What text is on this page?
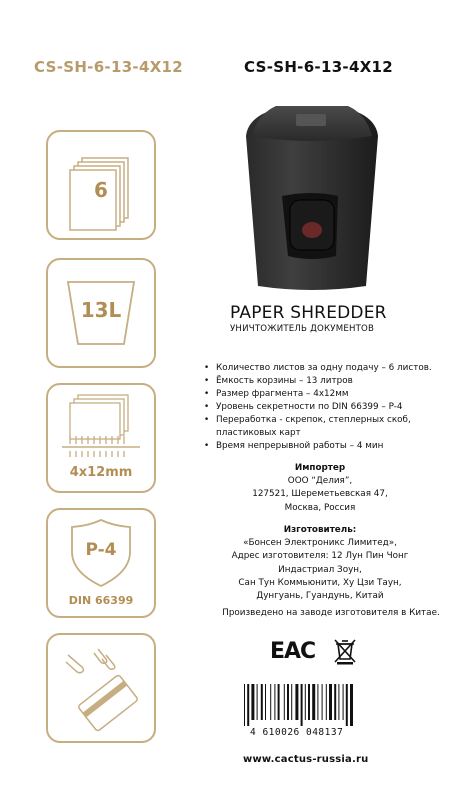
CS-SH-6-13-4X12	CS-SH-6-13-4X12
6
13L
4x12mm
P-4
DIN 66399
PAPER SHREDDER
УНИЧТОЖИТЕЛЬ ДОКУМЕНТОВ
• Количество листов за одну подачу – 6 листов.
• Ёмкость корзины – 13 литров
• Размер фрагмента – 4x12мм
• Уровень секретности по DIN 66399 – P-4
• Переработка - скрепок, степлерных скоб, пластиковых карт
• Время непрерывной работы – 4 мин
Импортер
ООО “Делия”,
127521, Шереметьевская 47,
Москва, Россия
Изготовитель:
«Бонсен Электроникс Лимитед»,
Адрес изготовителя: 12 Лун Пин Чонг
Индастриал Зоун,
Сан Тун Коммьюнити, Ху Цзи Таун,
Дунгуань, Гуандунь, Китай
Произведено на заводе изготовителя в Китае.
EAC
4 610026 048137
www.cactus-russia.ru
